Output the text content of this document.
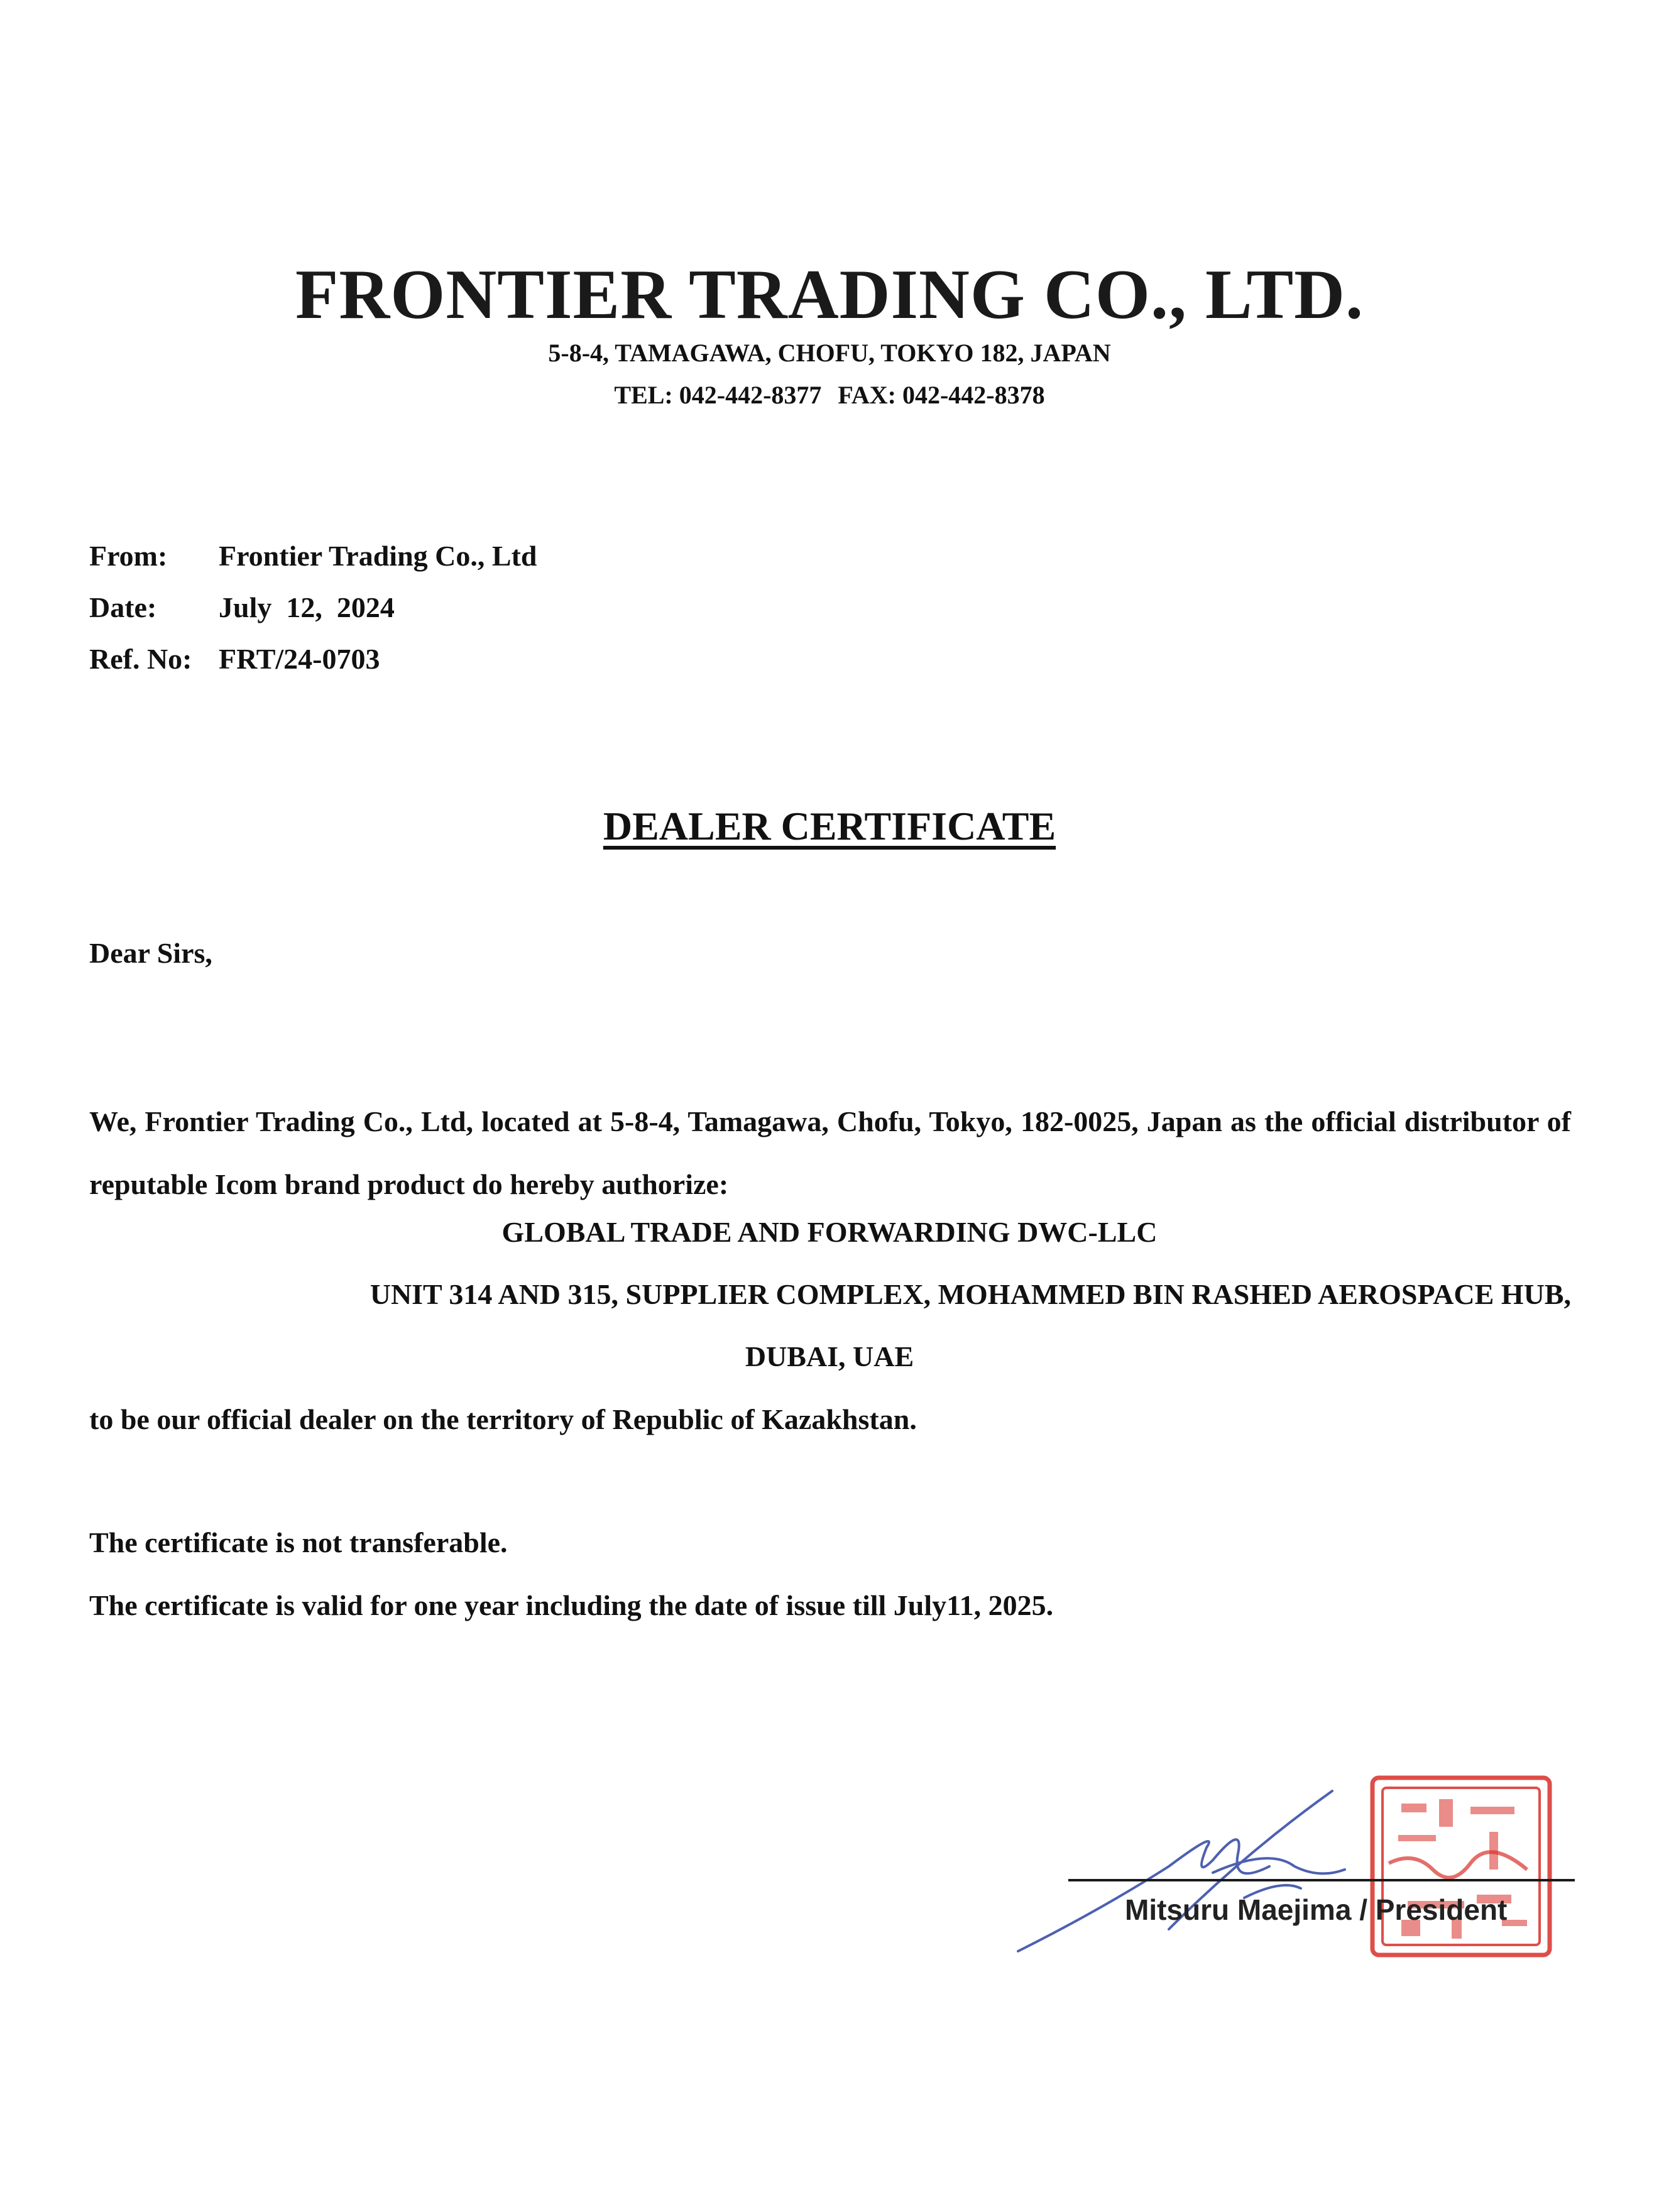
FRONTIER TRADING CO., LTD.
5-8-4, TAMAGAWA, CHOFU, TOKYO 182, JAPAN
TEL: 042-442-8377 FAX: 042-442-8378
From: Frontier Trading Co., Ltd
Date: July  12,  2024
Ref. No: FRT/24-0703
DEALER CERTIFICATE
Dear Sirs,
We, Frontier Trading Co., Ltd, located at 5-8-4, Tamagawa, Chofu, Tokyo, 182-0025, Japan as the official distributor of reputable Icom brand product do hereby authorize:
GLOBAL TRADE AND FORWARDING DWC-LLC
UNIT 314 AND 315, SUPPLIER COMPLEX, MOHAMMED BIN RASHED AEROSPACE HUB,
DUBAI, UAE
to be our official dealer on the territory of Republic of Kazakhstan.
The certificate is not transferable.
The certificate is valid for one year including the date of issue till July11, 2025.
Mitsuru Maejima / President
